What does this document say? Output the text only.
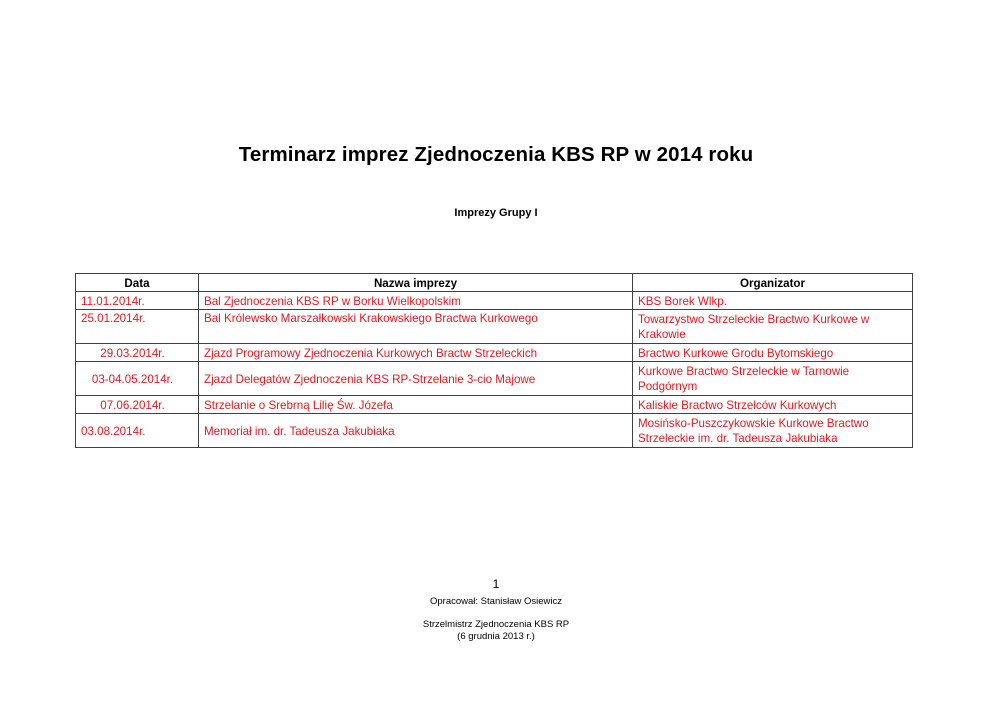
Terminarz imprez Zjednoczenia KBS RP w 2014 roku
Imprezy Grupy I
Data	Nazwa imprezy	Organizator
11.01.2014r.	Bal Zjednoczenia KBS RP w Borku Wielkopolskim	KBS Borek Wlkp.
25.01.2014r.	Bal Królewsko Marszałkowski Krakowskiego Bractwa Kurkowego	Towarzystwo Strzeleckie Bractwo Kurkowe w Krakowie
29.03.2014r.	Zjazd Programowy Zjednoczenia Kurkowych Bractw Strzeleckich	Bractwo Kurkowe Grodu Bytomskiego
03-04.05.2014r.	Zjazd Delegatów Zjednoczenia KBS RP-Strzelanie 3-cio Majowe	Kurkowe Bractwo Strzeleckie w Tarnowie Podgórnym
07.06.2014r.	Strzelanie o Srebrną Lilię Św. Józefa	Kaliskie Bractwo Strzelców Kurkowych
03.08.2014r.	Memoriał im. dr. Tadeusza Jakubiaka	Mosińsko-Puszczykowskie Kurkowe Bractwo Strzeleckie im. dr. Tadeusza Jakubiaka
1
Opracował: Stanisław Osiewicz
Strzelmistrz Zjednoczenia KBS RP
(6 grudnia 2013 r.)
